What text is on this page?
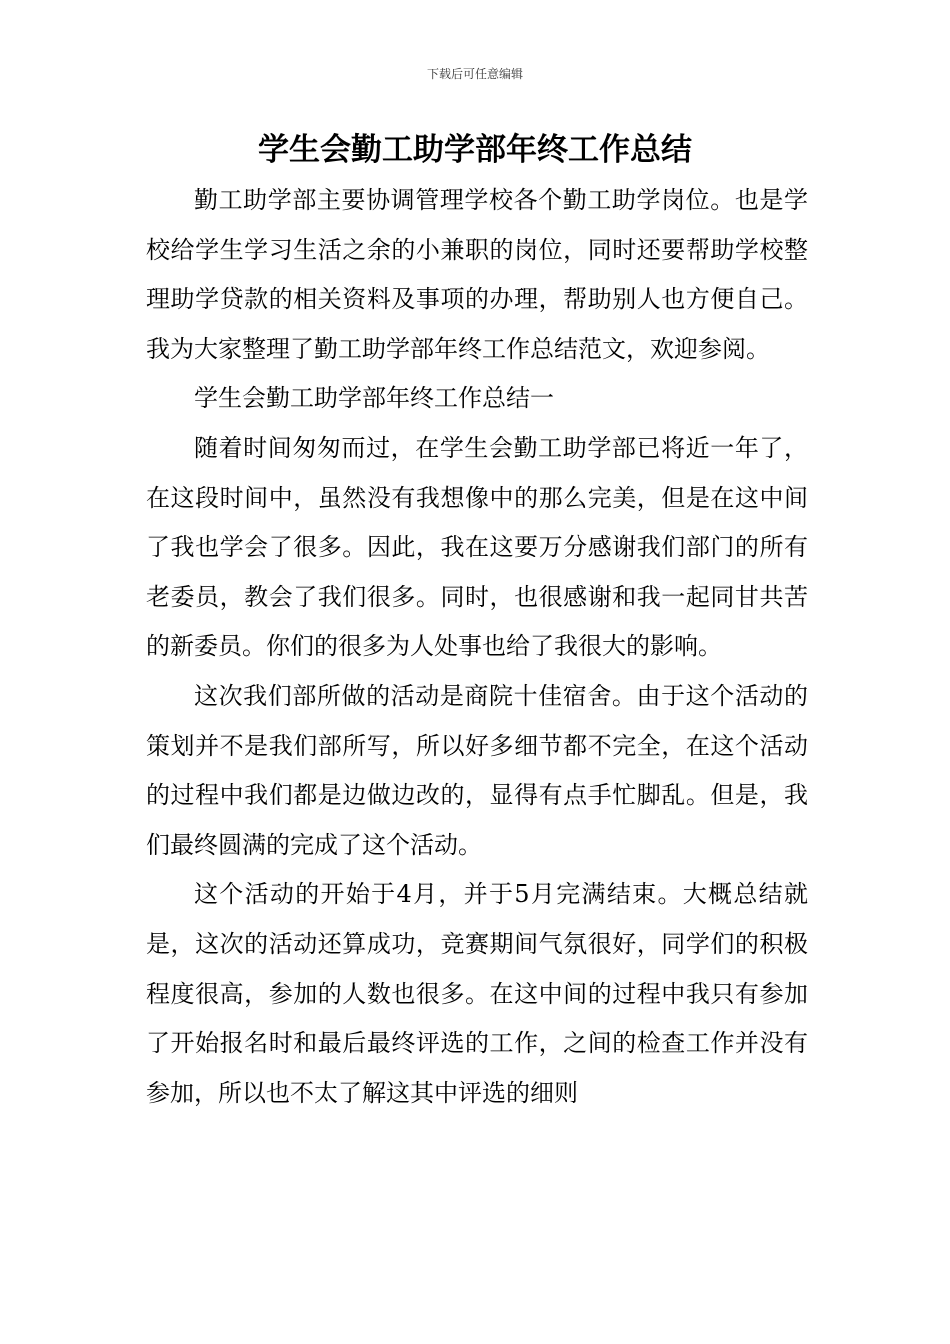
下载后可任意编辑
学生会勤工助学部年终工作总结

勤工助学部主要协调管理学校各个勤工助学岗位。也是学校给学生学习生活之余的小兼职的岗位，同时还要帮助学校整理助学贷款的相关资料及事项的办理，帮助别人也方便自己。我为大家整理了勤工助学部年终工作总结范文，欢迎参阅。

学生会勤工助学部年终工作总结一

随着时间匆匆而过，在学生会勤工助学部已将近一年了，在这段时间中，虽然没有我想像中的那么完美，但是在这中间了我也学会了很多。因此，我在这要万分感谢我们部门的所有老委员，教会了我们很多。同时，也很感谢和我一起同甘共苦的新委员。你们的很多为人处事也给了我很大的影响。

这次我们部所做的活动是商院十佳宿舍。由于这个活动的策划并不是我们部所写，所以好多细节都不完全，在这个活动的过程中我们都是边做边改的，显得有点手忙脚乱。但是，我们最终圆满的完成了这个活动。

这个活动的开始于4月，并于5月完满结束。大概总结就是，这次的活动还算成功，竞赛期间气氛很好，同学们的积极程度很高，参加的人数也很多。在这中间的过程中我只有参加了开始报名时和最后最终评选的工作，之间的检查工作并没有参加，所以也不太了解这其中评选的细则
